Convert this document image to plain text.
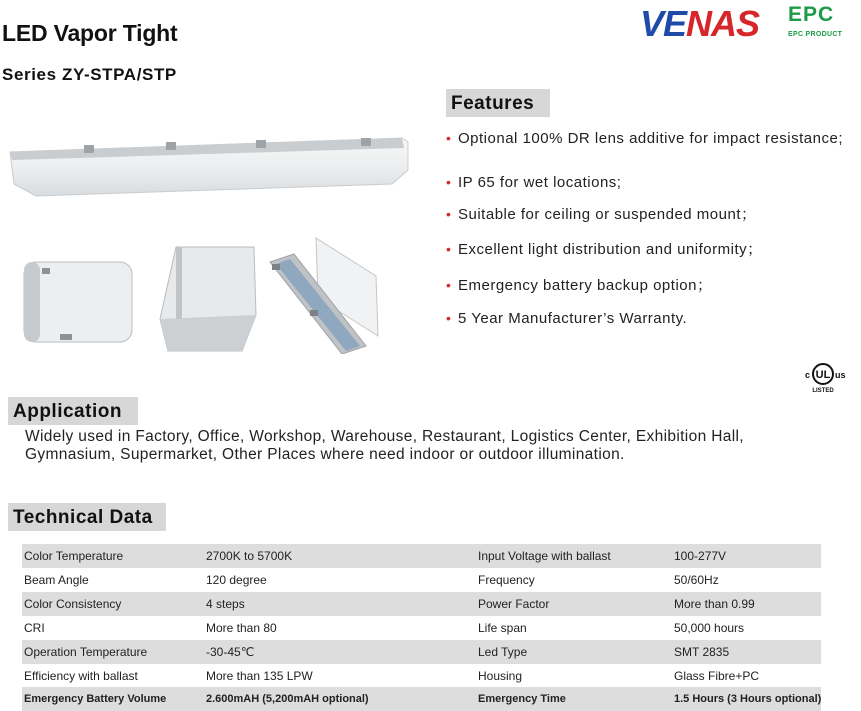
LED Vapor Tight
Series ZY-STPA/STP
VENAS EPC
EPC PRODUCT
Features
• Optional 100% DR lens additive for impact resistance;
• IP 65 for wet locations;
• Suitable for ceiling or suspended mount；
• Excellent light distribution and uniformity；
• Emergency battery backup option；
• 5 Year Manufacturer’s Warranty.
c UL us
LISTED
Application
Widely used in Factory, Office, Workshop, Warehouse, Restaurant, Logistics Center, Exhibition Hall, Gymnasium, Supermarket, Other Places where need indoor or outdoor illumination.
Technical Data
Color Temperature	2700K to 5700K	Input Voltage with ballast	100-277V
Beam Angle	120 degree	Frequency	50/60Hz
Color Consistency	4 steps	Power Factor	More than 0.99
CRI	More than 80	Life span	50,000 hours
Operation Temperature	-30-45℃	Led Type	SMT 2835
Efficiency with ballast	More than 135 LPW	Housing	Glass Fibre+PC
Emergency Battery Volume	2.600mAH (5,200mAH optional)	Emergency Time	1.5 Hours (3 Hours optional)
